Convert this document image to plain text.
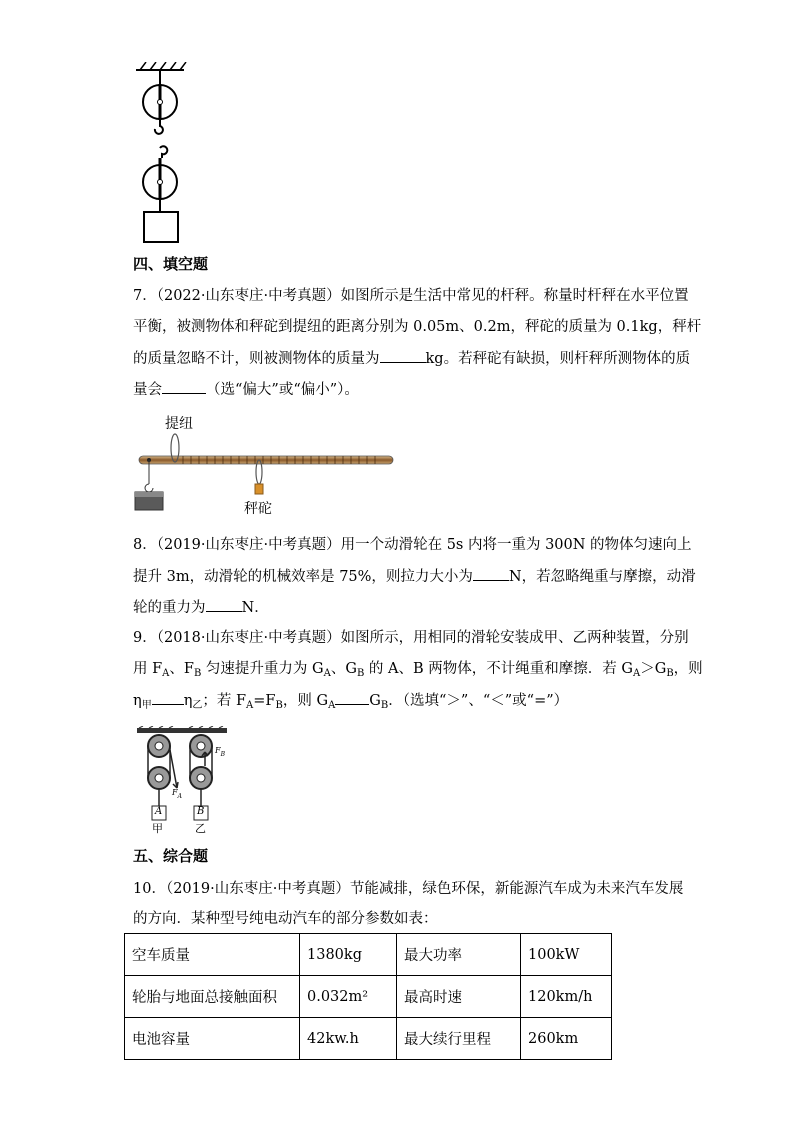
四、填空题
7．（2022·山东枣庄·中考真题）如图所示是生活中常见的杆秤。称量时杆秤在水平位置
平衡，被测物体和秤砣到提纽的距离分别为 0.05m、0.2m，秤砣的质量为 0.1kg，秤杆
的质量忽略不计，则被测物体的质量为	kg。若秤砣有缺损，则杆秤所测物体的质
量会	（选“偏大”或“偏小”）。
提纽
秤砣
8．（2019·山东枣庄·中考真题）用一个动滑轮在 5s 内将一重为 300N 的物体匀速向上
提升 3m，动滑轮的机械效率是 75%，则拉力大小为 N，若忽略绳重与摩擦，动滑
轮的重力为 N．
9．（2018·山东枣庄·中考真题）如图所示，用相同的滑轮安装成甲、乙两种装置，分别
用 $F_A$、$F_B$ 匀速提升重力为 $G_A$、$G_B$ 的 A、B 两物体，不计绳重和摩擦．若 $G_A>G_B$，则
$\eta_甲$ $\eta_乙$；若 $F_A=F_B$，则 $G_A$ $G_B$．（选填“＞”、“＜”或“=”）
A	B
甲	乙
$F_A$
$F_B$
五、综合题
10．（2019·山东枣庄·中考真题）节能减排，绿色环保，新能源汽车成为未来汽车发展
的方向．某种型号纯电动汽车的部分参数如表：
空车质量	1380kg	最大功率	100kW
轮胎与地面总接触面积	0.032m²	最高时速	120km/h
电池容量	42kw.h	最大续行里程	260km
